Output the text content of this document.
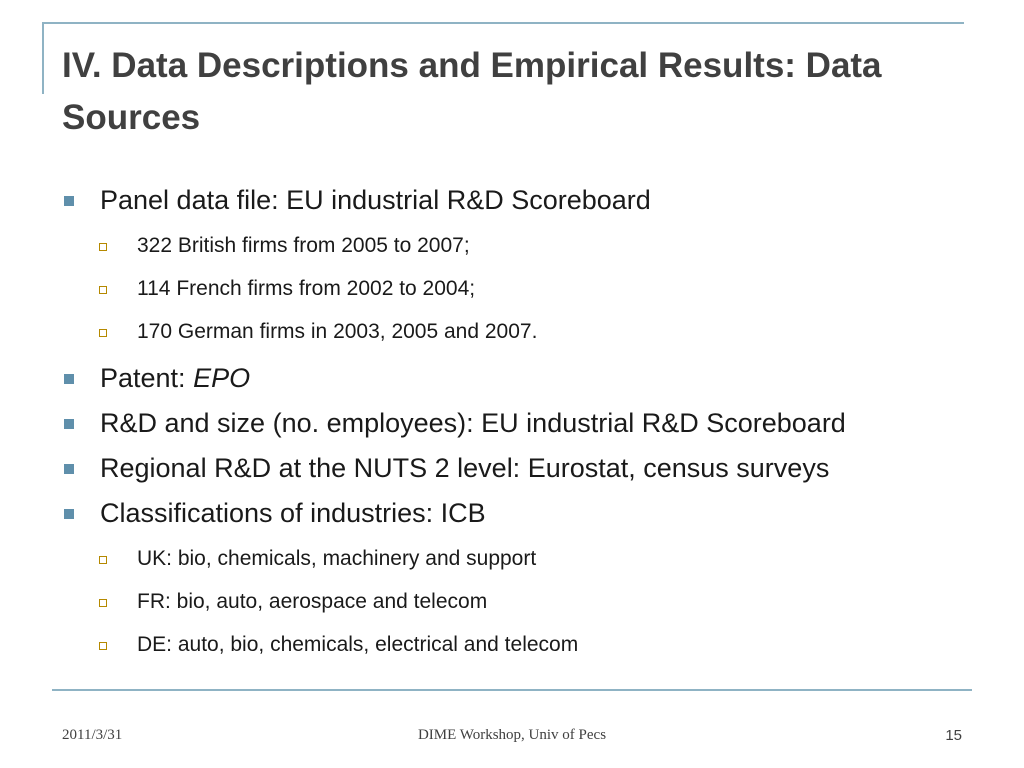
IV. Data Descriptions and Empirical Results: Data Sources
Panel data file: EU industrial R&D Scoreboard
322 British firms from 2005 to 2007;
114 French firms from 2002 to 2004;
170 German firms in 2003, 2005 and 2007.
Patent: EPO
R&D and size (no. employees): EU industrial R&D Scoreboard
Regional R&D at the NUTS 2 level: Eurostat, census surveys
Classifications of industries: ICB
UK: bio, chemicals, machinery and support
FR: bio, auto, aerospace and telecom
DE: auto, bio, chemicals, electrical and telecom
2011/3/31	DIME Workshop, Univ of Pecs	15
